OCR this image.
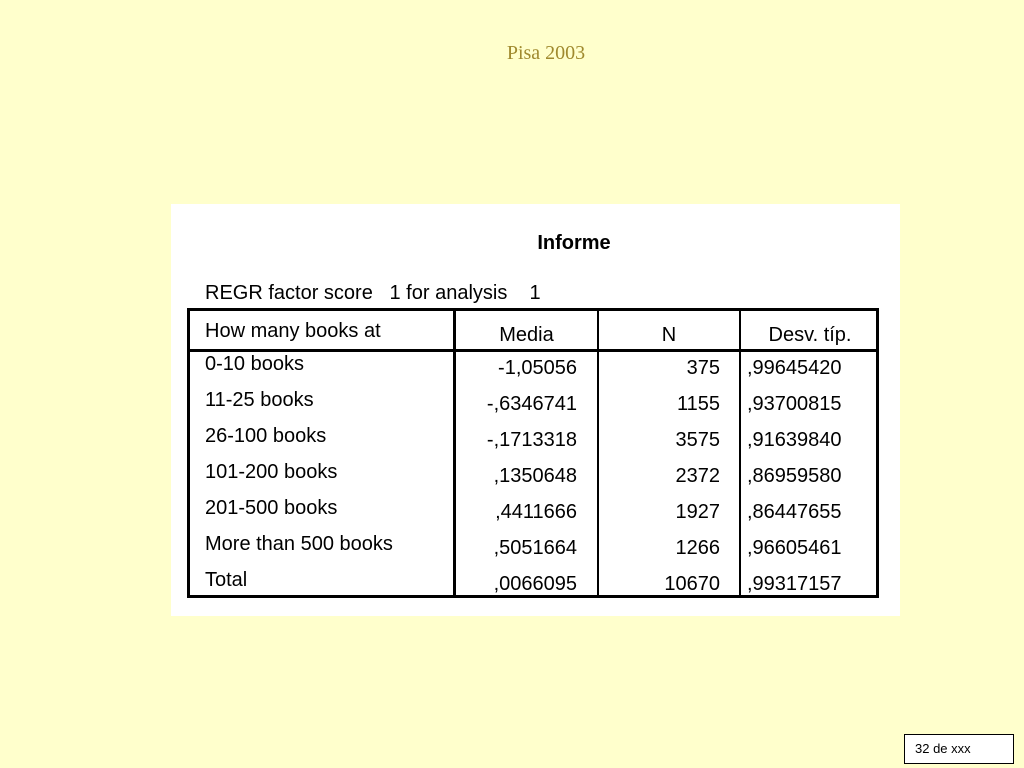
Pisa 2003
Informe
REGR factor score   1 for analysis    1
How many books at	Media	N	Desv. típ.
0-10 books	-1,05056	375 ,99645420
11-25 books	-,6346741	1155 ,93700815
26-100 books	-,1713318	3575 ,91639840
101-200 books	,1350648	2372 ,86959580
201-500 books	,4411666	1927 ,86447655
More than 500 books	,5051664	1266 ,96605461
Total	,0066095	10670 ,99317157
32 de xxx
